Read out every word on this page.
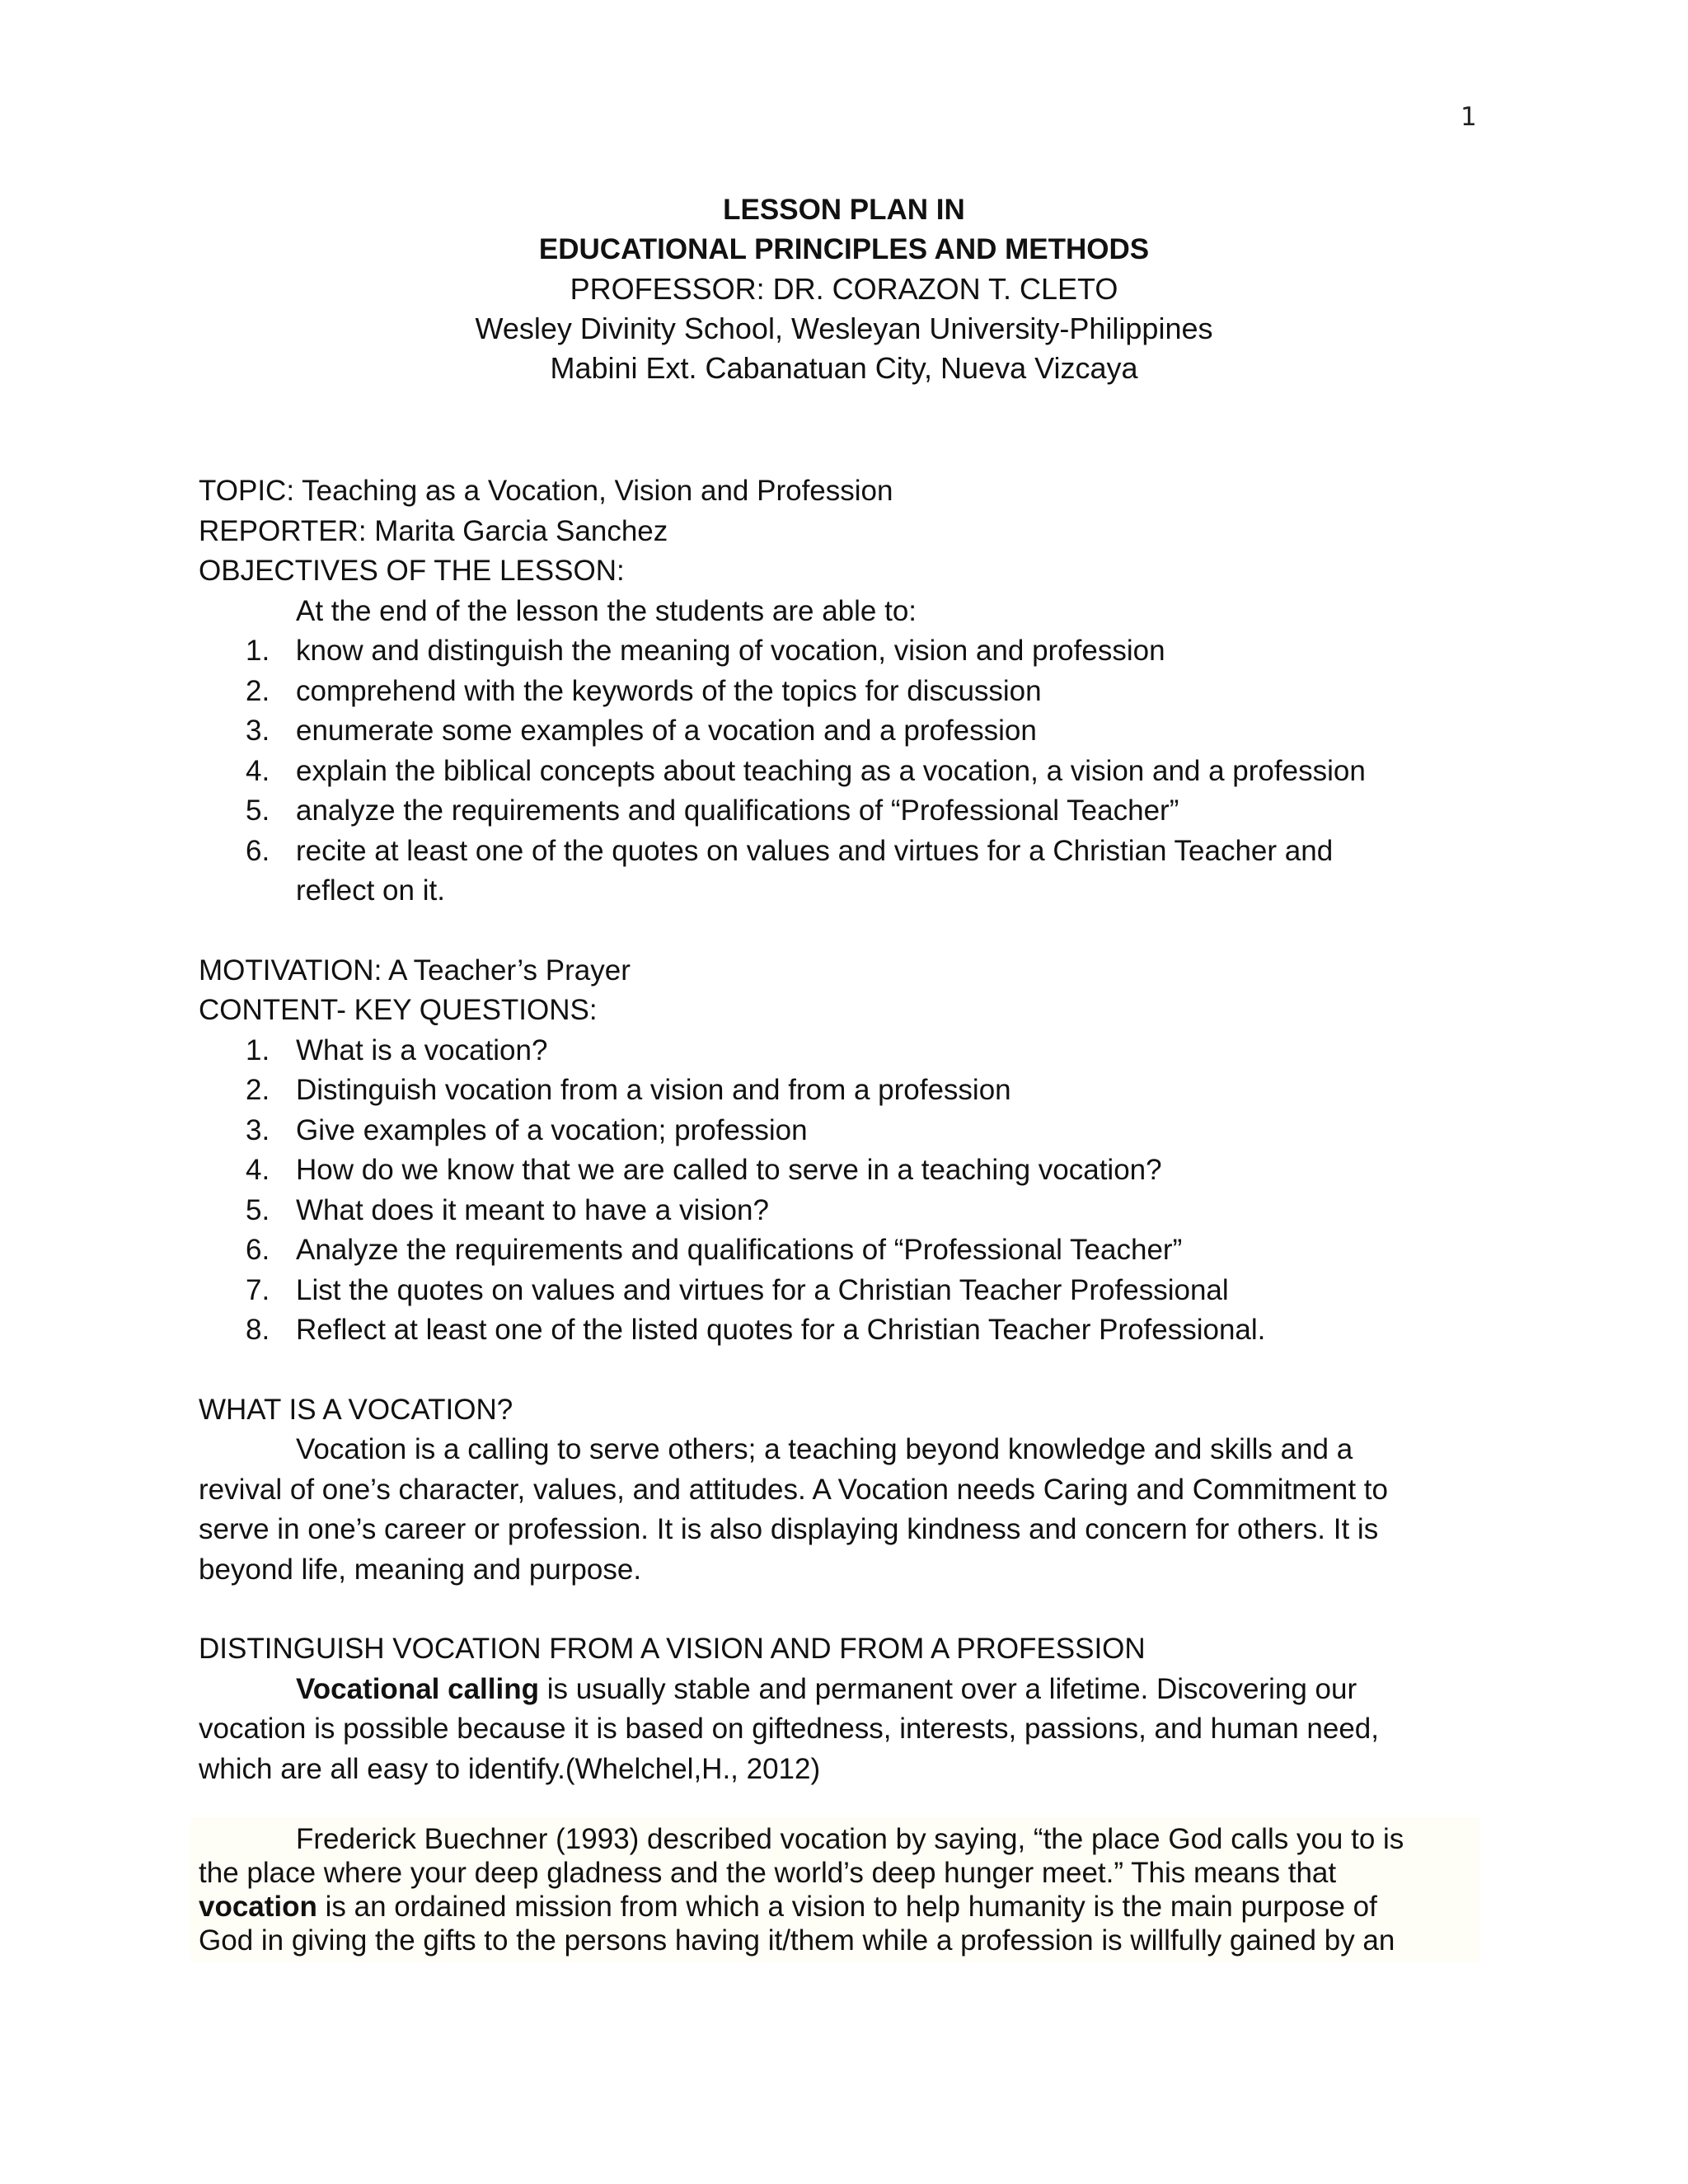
1
LESSON PLAN IN
EDUCATIONAL PRINCIPLES AND METHODS
PROFESSOR: DR. CORAZON T. CLETO
Wesley Divinity School, Wesleyan University-Philippines
Mabini Ext. Cabanatuan City, Nueva Vizcaya
TOPIC: Teaching as a Vocation, Vision and Profession
REPORTER: Marita Garcia Sanchez
OBJECTIVES OF THE LESSON:
At the end of the lesson the students are able to:
1. know and distinguish the meaning of vocation, vision and profession
2. comprehend with the keywords of the topics for discussion
3. enumerate some examples of a vocation and a profession
4. explain the biblical concepts about teaching as a vocation, a vision and a profession
5. analyze the requirements and qualifications of “Professional Teacher”
6. recite at least one of the quotes on values and virtues for a Christian Teacher and
reflect on it.
MOTIVATION: A Teacher’s Prayer
CONTENT- KEY QUESTIONS:
1. What is a vocation?
2. Distinguish vocation from a vision and from a profession
3. Give examples of a vocation; profession
4. How do we know that we are called to serve in a teaching vocation?
5. What does it meant to have a vision?
6. Analyze the requirements and qualifications of “Professional Teacher”
7. List the quotes on values and virtues for a Christian Teacher Professional
8. Reflect at least one of the listed quotes for a Christian Teacher Professional.
WHAT IS A VOCATION?
Vocation is a calling to serve others; a teaching beyond knowledge and skills and a
revival of one’s character, values, and attitudes. A Vocation needs Caring and Commitment to
serve in one’s career or profession. It is also displaying kindness and concern for others. It is
beyond life, meaning and purpose.
DISTINGUISH VOCATION FROM A VISION AND FROM A PROFESSION
Vocational calling is usually stable and permanent over a lifetime. Discovering our
vocation is possible because it is based on giftedness, interests, passions, and human need,
which are all easy to identify.(Whelchel,H., 2012)
Frederick Buechner (1993) described vocation by saying, “the place God calls you to is
the place where your deep gladness and the world’s deep hunger meet.” This means that
vocation is an ordained mission from which a vision to help humanity is the main purpose of
God in giving the gifts to the persons having it/them while a profession is willfully gained by an
